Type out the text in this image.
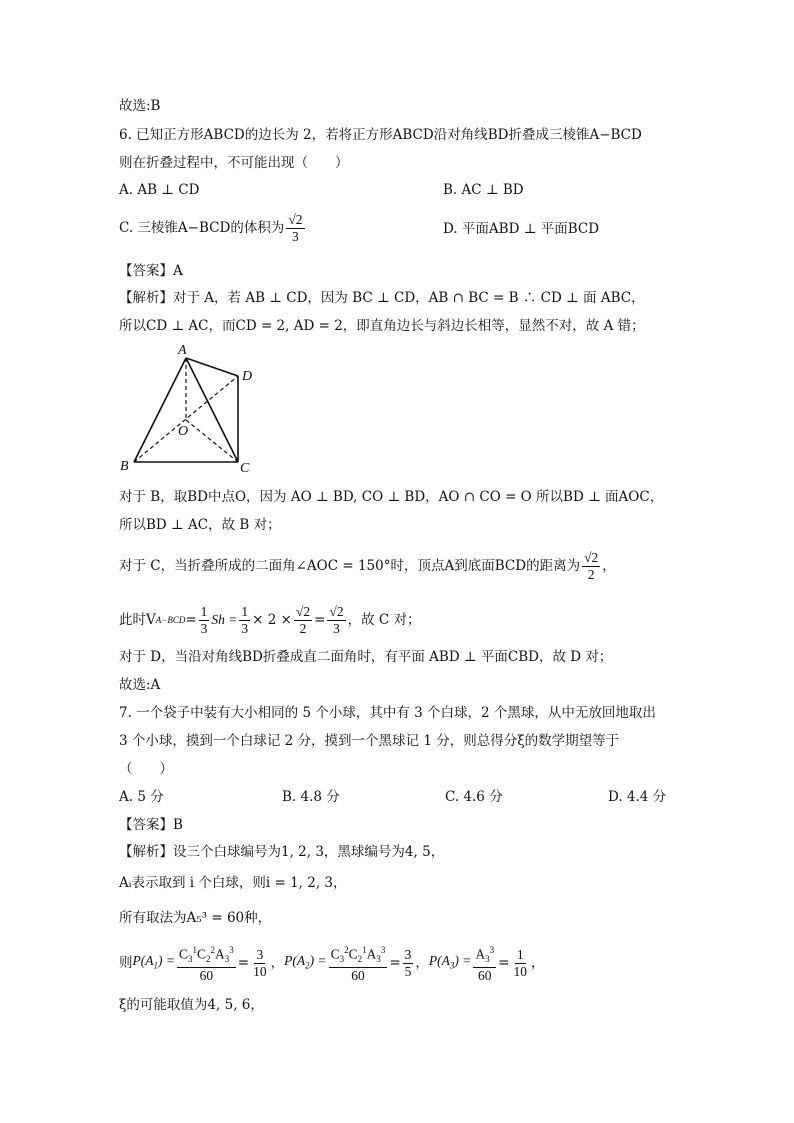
故选:B
6. 已知正方形ABCD的边长为 2，若将正方形ABCD沿对角线BD折叠成三棱锥A−BCD
则在折叠过程中，不可能出现（　　）
A. AB ⊥ CD	B. AC ⊥ BD
C. 三棱锥A−BCD的体积为 $\frac{√2}{3}$	D. 平面ABD ⊥ 平面BCD
【答案】A
【解析】对于 A，若 AB ⊥ CD，因为 BC ⊥ CD，AB ∩ BC = B ∴ CD ⊥ 面 ABC，
所以CD ⊥ AC，而CD = 2, AD = 2，即直角边长与斜边长相等，显然不对，故 A 错；
A
D
O
B	C
对于 B，取BD中点O，因为 AO ⊥ BD, CO ⊥ BD，AO ∩ CO = O 所以BD ⊥ 面AOC，
所以BD ⊥ AC，故 B 对；
对于 C，当折叠所成的二面角∠AOC = 150°时，顶点A到底面BCD的距离为 $\frac{√2}{2}$ ，
此时V $A-BCD = \frac{1}{3}$ $Sh = \frac{1}{3} \times 2 \times \frac{√2}{2} = \frac{√2}{3}$ ，故 C 对；
对于 D，当沿对角线BD折叠成直二面角时，有平面 ABD ⊥ 平面CBD，故 D 对；
故选:A
7. 一个袋子中装有大小相同的 5 个小球，其中有 3 个白球，2 个黑球，从中无放回地取出
3 个小球，摸到一个白球记 2 分，摸到一个黑球记 1 分，则总得分ξ的数学期望等于
（　　）
A. 5 分	B. 4.8 分	C. 4.6 分	D. 4.4 分
【答案】B
【解析】设三个白球编号为1, 2, 3，黑球编号为4, 5，
Aᵢ表示取到 i 个白球，则i = 1, 2, 3，
所有取法为A₅³ = 60种，
则 $P(A_1) = \frac{C_3^1C_2^2A_3^3}{60} = \frac{3}{10}$ ， $P(A_2) = \frac{C_3^2C_2^1A_3^3}{60} = \frac{3}{5}$ ， $P(A_3) = \frac{A_3^3}{60} = \frac{1}{10}$ ，
ξ的可能取值为4, 5, 6，
